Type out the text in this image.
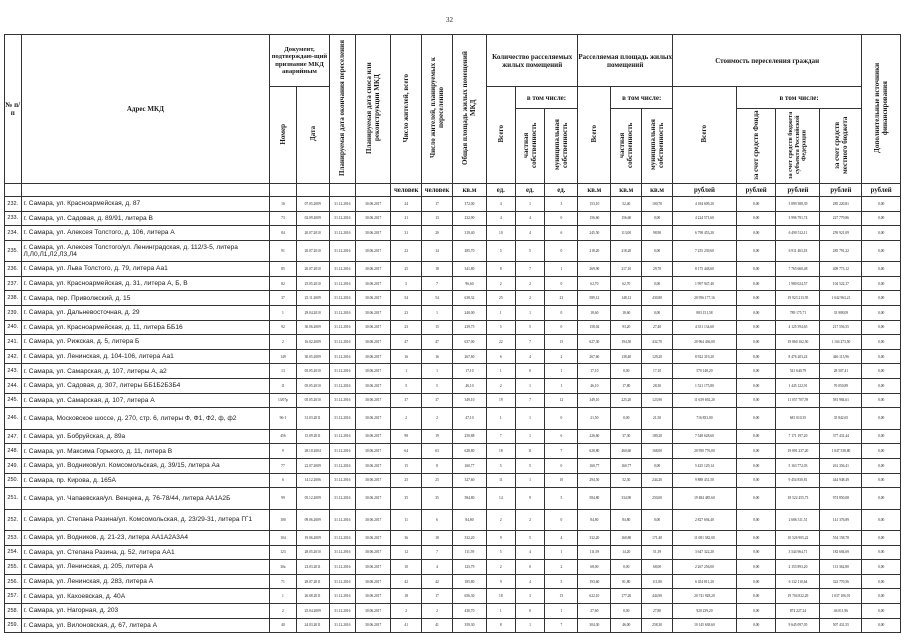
32
№ п/п	Адрес МКД	Документ, подтверждаю-щий признание МКД аварийным		Планируемая дата окончания переселения	Планируемая дата сноса или реконструкции МКД	Число жителей, всего	Число жителей, планируемых к переселению	Общая площадь жилых помещений МКД	Количество расселяемых жилых помещений			Расселяемая площадь жилых помещений			Стоимость переселения граждан				Дополнительные источники финансирования
		Номер	Дата						Всего	в том числе:		Всего	в том числе:		Всего	в том числе:			
										частная собственность	муниципальная собственность		частная собственность	муниципальная собственность		за счет средств Фонда	за счет средств бюджета субъекта Российской Федерации	за счет средств местного бюджета	
						человек	человек	кв.м	ед.	ед.	ед.	кв.м	кв.м	кв.м	рублей	рублей	рублей	рублей	рублей
232.	г. Самара, ул. Красноармейская, д. 87	16	07.05.2009	31.12.2016	30.06.2017	24	17	372,00	4	1	3	153,10	52,40	100,70	4 184 609,20	0,00	3 899 388,39	285 220,81	0,00
233.	г. Самара, ул. Садовая, д. 89/91, литера В	73	02.09.2009	31.12.2016	30.06.2017	21	13	232,90	4	4	0	156,60	156,60	0,00	4 224 571,60	0,00	3 996 791,74	227 779,86	0,00
234.	г. Самара, ул. Алексея Толстого, д. 106, литера А	84	20.07.2010	31.12.2016	30.06.2017	31	20	319,40	10	4	6	245,50	113,00	98,90	6 798 453,20	0,00	6 490 512,11	259 921,09	0,00
235.	г. Самара, ул. Алексея Толстого/ул. Ленинградская, д. 112/3-5, литера Л,Л0,Л1,Л2,Л3,Л4	91	20.07.2010	31.12.2016	30.06.2017	22	14	285,70	5	5	0	218,20	218,20	0,00	7 255 239,60	0,00	6 911 463,18	285 791,22	0,00
236.	г. Самара, ул. Льва Толстого, д. 79, литера Аа1	85	20.07.2010	31.12.2016	30.06.2017	25	18	341,80	8	7	1	269,90	217,10	29,70	8 175 448,60	0,00	7 765 660,48	409 773,12	0,00
237.	г. Самара, ул. Красноармейская, д. 31, литера А, Б, В	82	25.05.2010	31.12.2016	30.06.2017	5	7	96,60	2	2	0	62,70	62,70	0,00	1 997 947,40	0,00	1 980 024,57	104 522,17	0,00
238.	г. Самара, пер. Приволжский, д. 15	37	25.11.2009	31.12.2016	30.06.2017	54	54	638,32	25	2	23	589,12	148,12	430,80	20 956 177,16	0,00	19 923 213,95	1 042 963,21	0,00
239.	г. Самара, ул. Дальневосточная, д. 29	1	29.04.2010	31.12.2016	30.06.2017	23	1	240,00	1	1	0	18,60	18,60	0,00	883 151,58	0,00	789 175,71	33 908,09	0,00
240.	г. Самара, ул. Красноармейская, д. 11, литера ББ16	92	30.06.2009	31.12.2016	30.06.2017	23	15	239,75	5	5	0	158,02	93,20	27,40	4 351 134,60	0,00	4 125 594,65	217 556,55	0,00
241.	г. Самара, ул. Рижская, д. 5, литера Б	2	16.02.2009	31.12.2016	30.06.2017	47	47	637,00	22	7	15	627,30	194,50	432,70	20 964 436,00	0,00	19 860 162,50	1 104 273,50	0,00
242.	г. Самара, ул. Ленинская, д. 104-106, литера Аа1	149	30.05.2009	31.12.2016	30.06.2017	16	16	267,60	6	4	2	267,60	138,40	129,20	8 922 319,20	0,00	8 476 203,24	446 115,96	0,00
243.	г. Самара, ул. Самарская, д. 107, литеры А, а2	13	05.05.2010	31.12.2016	30.06.2017	1	1	17,10	1	0	1	17,10	0,00	17,10	570 148,20	0,00	541 640,79	28 507,41	0,00
244.	г. Самара, ул. Садовая, д. 307, литеры ББ1Б2Б3Б4	11	05.05.2010	31.12.2016	30.06.2017	5	5	46,10	2	1	1	46,10	17,80	28,30	1 521 175,80	0,00	1 445 122,91	76 050,89	0,00
245.	г. Самара, ул. Самарская, д. 107, литера А	13/07р	05.05.2010	31.12.2016	30.06.2017	37	37	349,10	19	7	12	349,10	225,20	123,90	11 639 692,20	0,00	11 057 707,59	581 984,61	0,00
246.	г. Самара, Московское шоссе, д. 270, стр. 6, литеры Ф, Ф1, Ф2, ф, ф2	96-1	31.03.2011	31.12.2016	30.06.2017	2	2	47,10	1	1	0	21,50	0,00	21,50	716 853,00	0,00	681 010,35	35 842,65	0,00
247.	г. Самара, ул. Бобруйская, д. 89а	456	15.09.2011	31.12.2016	30.06.2017	98	19	250,88	7	1	6	226,60	37,30	189,20	7 548 628,60	0,00	7 171 197,20	377 431,44	0,00
248.	г. Самара, ул. Максима Горького, д. 11, литера В	9	28.10.2004	31.12.2016	30.06.2017	64	63	628,80	18	11	7	628,80	460,60	168,00	20 950 776,00	0,00	19 891 237,20	1 047 538,80	0,00
249.	г. Самара, ул. Водников/ул. Комсомольская, д. 39/15, литера Аа	77	22.07.2009	31.12.2016	30.06.2017	15	8	160,77	5	5	0	160,77	160,77	0,00	5 425 129,14	0,00	5 163 772,03	261 356,41	0,00
250.	г. Самара, пр. Кирова, д. 165А	6	14.12.2006	31.12.2016	30.06.2017	25	25	327,60	11	1	10	294,50	52,30	244,20	9 888 431,50	0,00	9 454 830,81	444 948,49	0,00
251.	г. Самара, ул. Чапаевская/ул. Венцека, д. 76-78/44, литера АА1А2Б	99	05.12.2009	31.12.2016	30.06.2017	35	35	584,80	14	9	5	584,80	334,90	250,00	19 484 485,60	0,00	18 522 455,73	974 850,08	0,00
252.	г. Самара, ул. Степана Разина/ул. Комсомольская, д. 23/29-31, литера ГГ1	100	09.06.2009	31.12.2016	30.06.2017	11	6	84,80	2	2	0	84,80	84,80	0,00	2 827 694,40	0,00	2 686 311,51	141 376,89	0,00
253.	г. Самара, ул. Водников, д. 21-23, литера АА1А2А3А4	104	19.06.2009	31.12.2016	30.06.2017	36	18	332,20	9	5	4	332,20	160,80	171,40	11 081 382,00	0,00	10 526 905,22	554 158,78	0,00
254.	г. Самара, ул. Степана Разина, д. 52, литера АА1	123	28.05.2010	31.12.2016	30.06.2017	12	7	111,59	5	4	1	111,59	14,20	51,39	3 647 322,20	0,00	3 544 964,71	182 604,69	0,00
255.	г. Самара, ул. Ленинская, д. 205, литера А	30а	23.03.2011	31.12.2016	30.06.2017	10	4	123,79	2	0	2	68,00	0,00	68,00	2 267 256,00	0,00	2 153 893,20	113 362,80	0,00
256.	г. Самара, ул. Ленинская, д. 283, литера А	71	28.07.2011	31.12.2016	30.06.2017	42	42	185,80	9	4	5	193,60	81,80	111,80	6 454 811,20	0,00	6 132 110,64	322 770,56	0,00
257.	г. Самара, ул. Кахоевская, д. 40А	1	26.08.2011	31.12.2016	30.06.2017	18	17	656,30	18	3	15	622,10	177,20	444,90	20 741 928,20	0,00	19 704 822,29	1 037 106,91	0,00
258.	г. Самара, ул. Нагорная, д. 203	2	25.04.2009	31.12.2016	30.06.2017	2	2	430,70	1	0	1	27,60	0,00	27,80	920 239,20	0,00	874 227,24	46 011,96	0,00
259.	г. Самара, ул. Вилоновская, д. 67, литера А	40	24.03.2011	31.12.2016	30.06.2017	41	41	359,30	8	1	7	304,30	46,00	258,30	10 145 638,60	0,00	9 645 097,05	507 431,55	0,00
